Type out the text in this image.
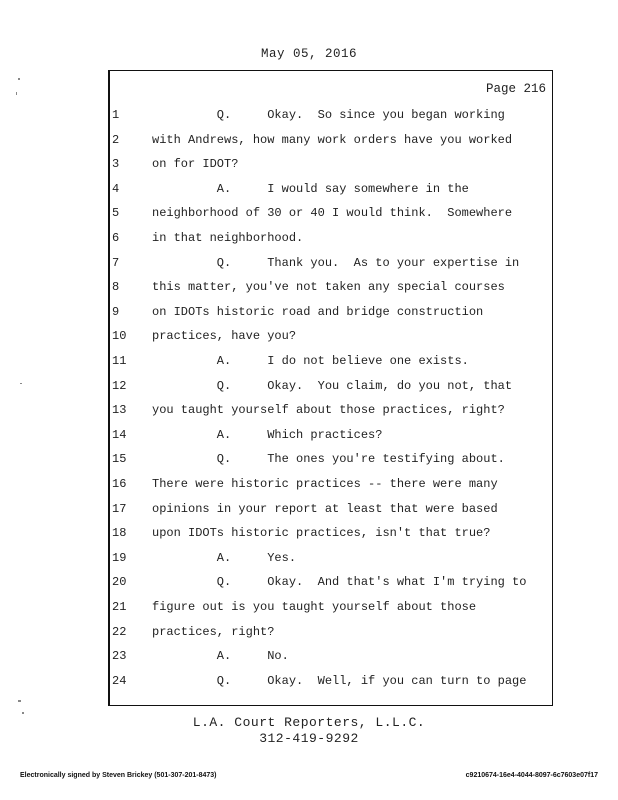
May 05, 2016
Page 216
1	Q.     Okay.  So since you began working
2	with Andrews, how many work orders have you worked
3	on for IDOT?
4	A.     I would say somewhere in the
5	neighborhood of 30 or 40 I would think.  Somewhere
6	in that neighborhood.
7	Q.     Thank you.  As to your expertise in
8	this matter, you've not taken any special courses
9	on IDOTs historic road and bridge construction
10	practices, have you?
11	A.     I do not believe one exists.
12	Q.     Okay.  You claim, do you not, that
13	you taught yourself about those practices, right?
14	A.     Which practices?
15	Q.     The ones you're testifying about.
16	There were historic practices -- there were many
17	opinions in your report at least that were based
18	upon IDOTs historic practices, isn't that true?
19	A.     Yes.
20	Q.     Okay.  And that's what I'm trying to
21	figure out is you taught yourself about those
22	practices, right?
23	A.     No.
24	Q.     Okay.  Well, if you can turn to page
L.A. Court Reporters, L.L.C.
312-419-9292
Electronically signed by Steven Brickey (501-307-201-8473)	c9210674-16e4-4044-8097-6c7603e07f17
